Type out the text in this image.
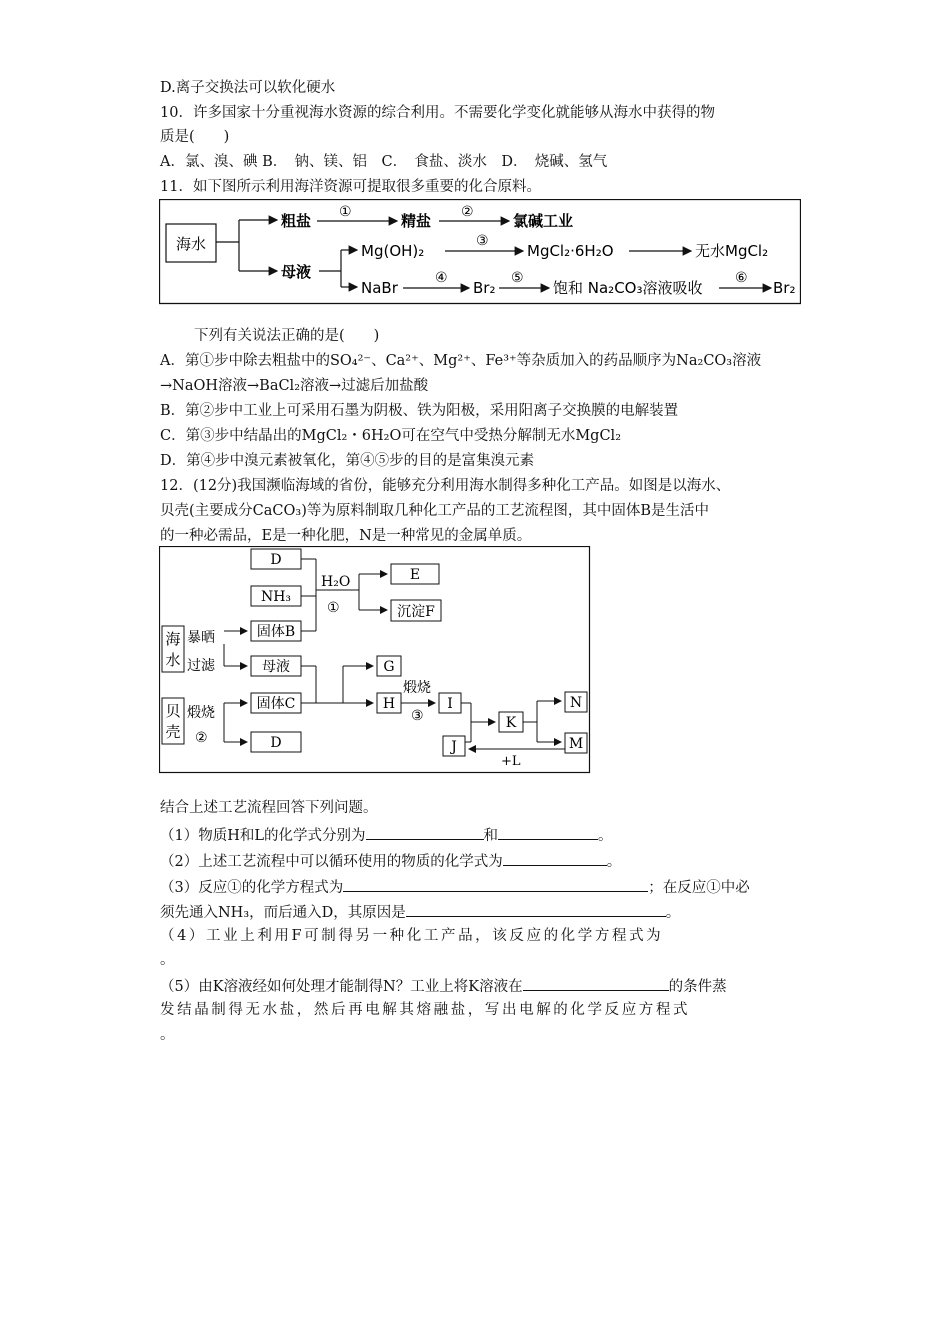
D.离子交换法可以软化硬水
10．许多国家十分重视海水资源的综合利用。不需要化学变化就能够从海水中获得的物
质是(　　)
A．氯、溴、碘 B．　钠、镁、铝　C．　食盐、淡水　D．　烧碱、氢气
11．如下图所示利用海洋资源可提取很多重要的化合原料。
海水
粗盐 ①	精盐 ②	氯碱工业
母液
Mg(OH)₂
③
MgCl₂·6H₂O	无水MgCl₂
NaBr
④
Br₂
⑤
饱和 Na₂CO₃溶液吸收
⑥
Br₂
下列有关说法正确的是(　　)
A．第①步中除去粗盐中的SO₄²⁻、Ca²⁺、Mg²⁺、Fe³⁺等杂质加入的药品顺序为Na₂CO₃溶液
→NaOH溶液→BaCl₂溶液→过滤后加盐酸
B．第②步中工业上可采用石墨为阴极、铁为阳极，采用阳离子交换膜的电解装置
C．第③步中结晶出的MgCl₂・6H₂O可在空气中受热分解制无水MgCl₂
D．第④步中溴元素被氧化，第④⑤步的目的是富集溴元素
12．(12分)我国濒临海域的省份，能够充分利用海水制得多种化工产品。如图是以海水、
贝壳(主要成分CaCO₃)等为原料制取几种化工产品的工艺流程图，其中固体B是生活中
的一种必需品，E是一种化肥，N是一种常见的金属单质。
D
NH₃
H₂O
①
E
沉淀F
海
水
暴晒
过滤
固体B
母液	G
H
煅烧
③
I
K
N
M
J
+L
贝
壳
煅烧
②
固体C
D
结合上述工艺流程回答下列问题。
（1）物质H和L的化学式分别为	和	。
（2）上述工艺流程中可以循环使用的物质的化学式为	。
（3）反应①的化学方程式为	；在反应①中必
须先通入NH₃，而后通入D，其原因是	。
（4）工业上利用F可制得另一种化工产品，该反应的化学方程式为
。
（5）由K溶液经如何处理才能制得N？工业上将K溶液在	的条件蒸
发结晶制得无水盐，然后再电解其熔融盐，写出电解的化学反应方程式
。
